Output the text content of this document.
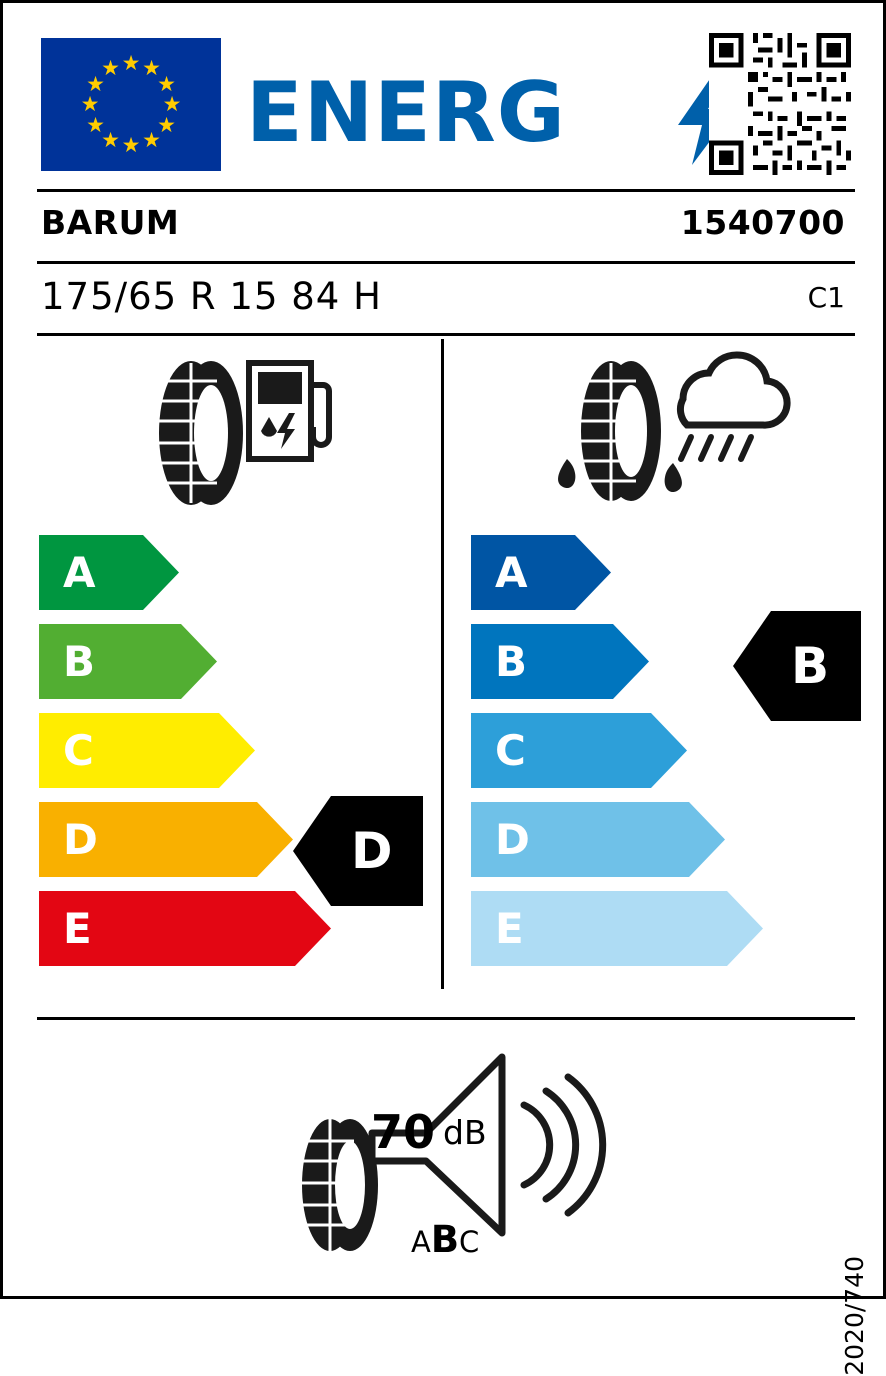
★ ★
★
★
★
★
★
★
★
★
★
★ ENERG
BARUM	1540700
175/65 R 15 84 H	C1
A
B
C
D
E
A
B
C
D
E
D
B
70 dB
ABC
2020/740
